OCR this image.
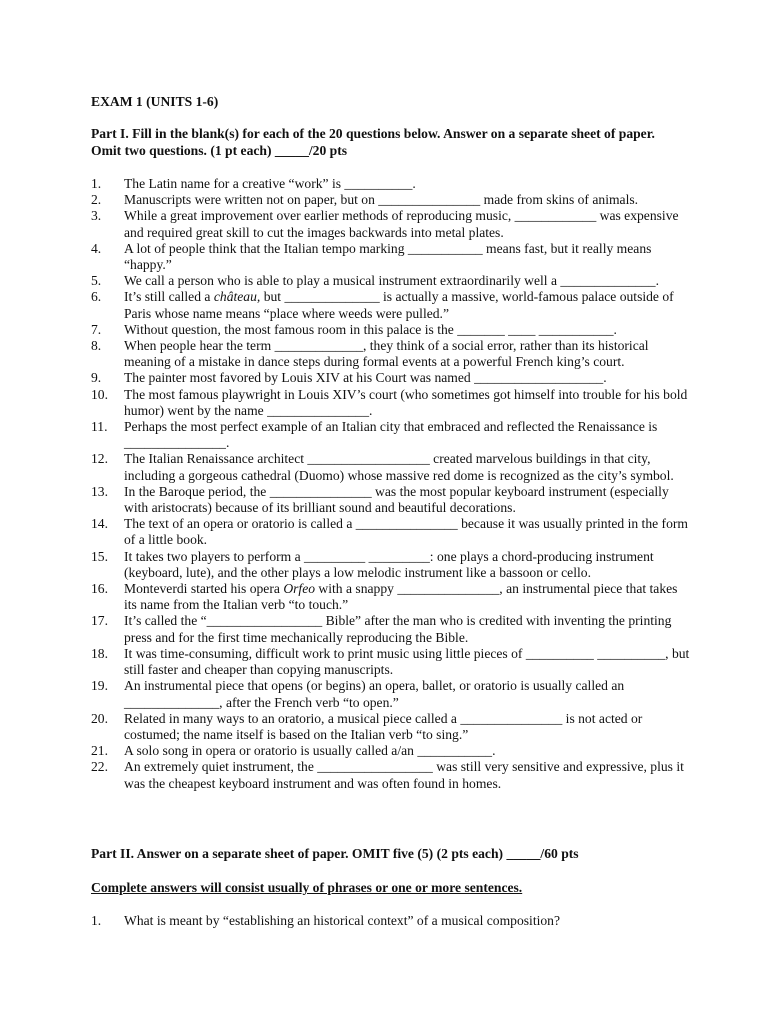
EXAM 1 (UNITS 1-6)
Part I. Fill in the blank(s) for each of the 20 questions below. Answer on a separate sheet of paper.
Omit two questions. (1 pt each) _____/20 pts
1. The Latin name for a creative “work” is __________.
2. Manuscripts were written not on paper, but on _______________ made from skins of animals.
3. While a great improvement over earlier methods of reproducing music, ____________ was expensive and required great skill to cut the images backwards into metal plates.
4. A lot of people think that the Italian tempo marking ___________ means fast, but it really means “happy.”
5. We call a person who is able to play a musical instrument extraordinarily well a ______________.
6. It’s still called a château, but ______________ is actually a massive, world-famous palace outside of Paris whose name means “place where weeds were pulled.”
7. Without question, the most famous room in this palace is the _______ ____ ___________.
8. When people hear the term _____________, they think of a social error, rather than its historical meaning of a mistake in dance steps during formal events at a powerful French king’s court.
9. The painter most favored by Louis XIV at his Court was named ___________________.
10. The most famous playwright in Louis XIV’s court (who sometimes got himself into trouble for his bold humor) went by the name _______________.
11. Perhaps the most perfect example of an Italian city that embraced and reflected the Renaissance is _______________.
12. The Italian Renaissance architect __________________ created marvelous buildings in that city, including a gorgeous cathedral (Duomo) whose massive red dome is recognized as the city’s symbol.
13. In the Baroque period, the _______________ was the most popular keyboard instrument (especially with aristocrats) because of its brilliant sound and beautiful decorations.
14. The text of an opera or oratorio is called a _______________ because it was usually printed in the form of a little book.
15. It takes two players to perform a _________ _________: one plays a chord-producing instrument (keyboard, lute), and the other plays a low melodic instrument like a bassoon or cello.
16. Monteverdi started his opera Orfeo with a snappy _______________, an instrumental piece that takes its name from the Italian verb “to touch.”
17. It’s called the “_________________ Bible” after the man who is credited with inventing the printing press and for the first time mechanically reproducing the Bible.
18. It was time-consuming, difficult work to print music using little pieces of __________ __________, but still faster and cheaper than copying manuscripts.
19. An instrumental piece that opens (or begins) an opera, ballet, or oratorio is usually called an ______________, after the French verb “to open.”
20. Related in many ways to an oratorio, a musical piece called a _______________ is not acted or costumed; the name itself is based on the Italian verb “to sing.”
21. A solo song in opera or oratorio is usually called a/an ___________.
22. An extremely quiet instrument, the _________________ was still very sensitive and expressive, plus it was the cheapest keyboard instrument and was often found in homes.
Part II. Answer on a separate sheet of paper. OMIT five (5) (2 pts each) _____/60 pts
Complete answers will consist usually of phrases or one or more sentences.
1. What is meant by “establishing an historical context” of a musical composition?
